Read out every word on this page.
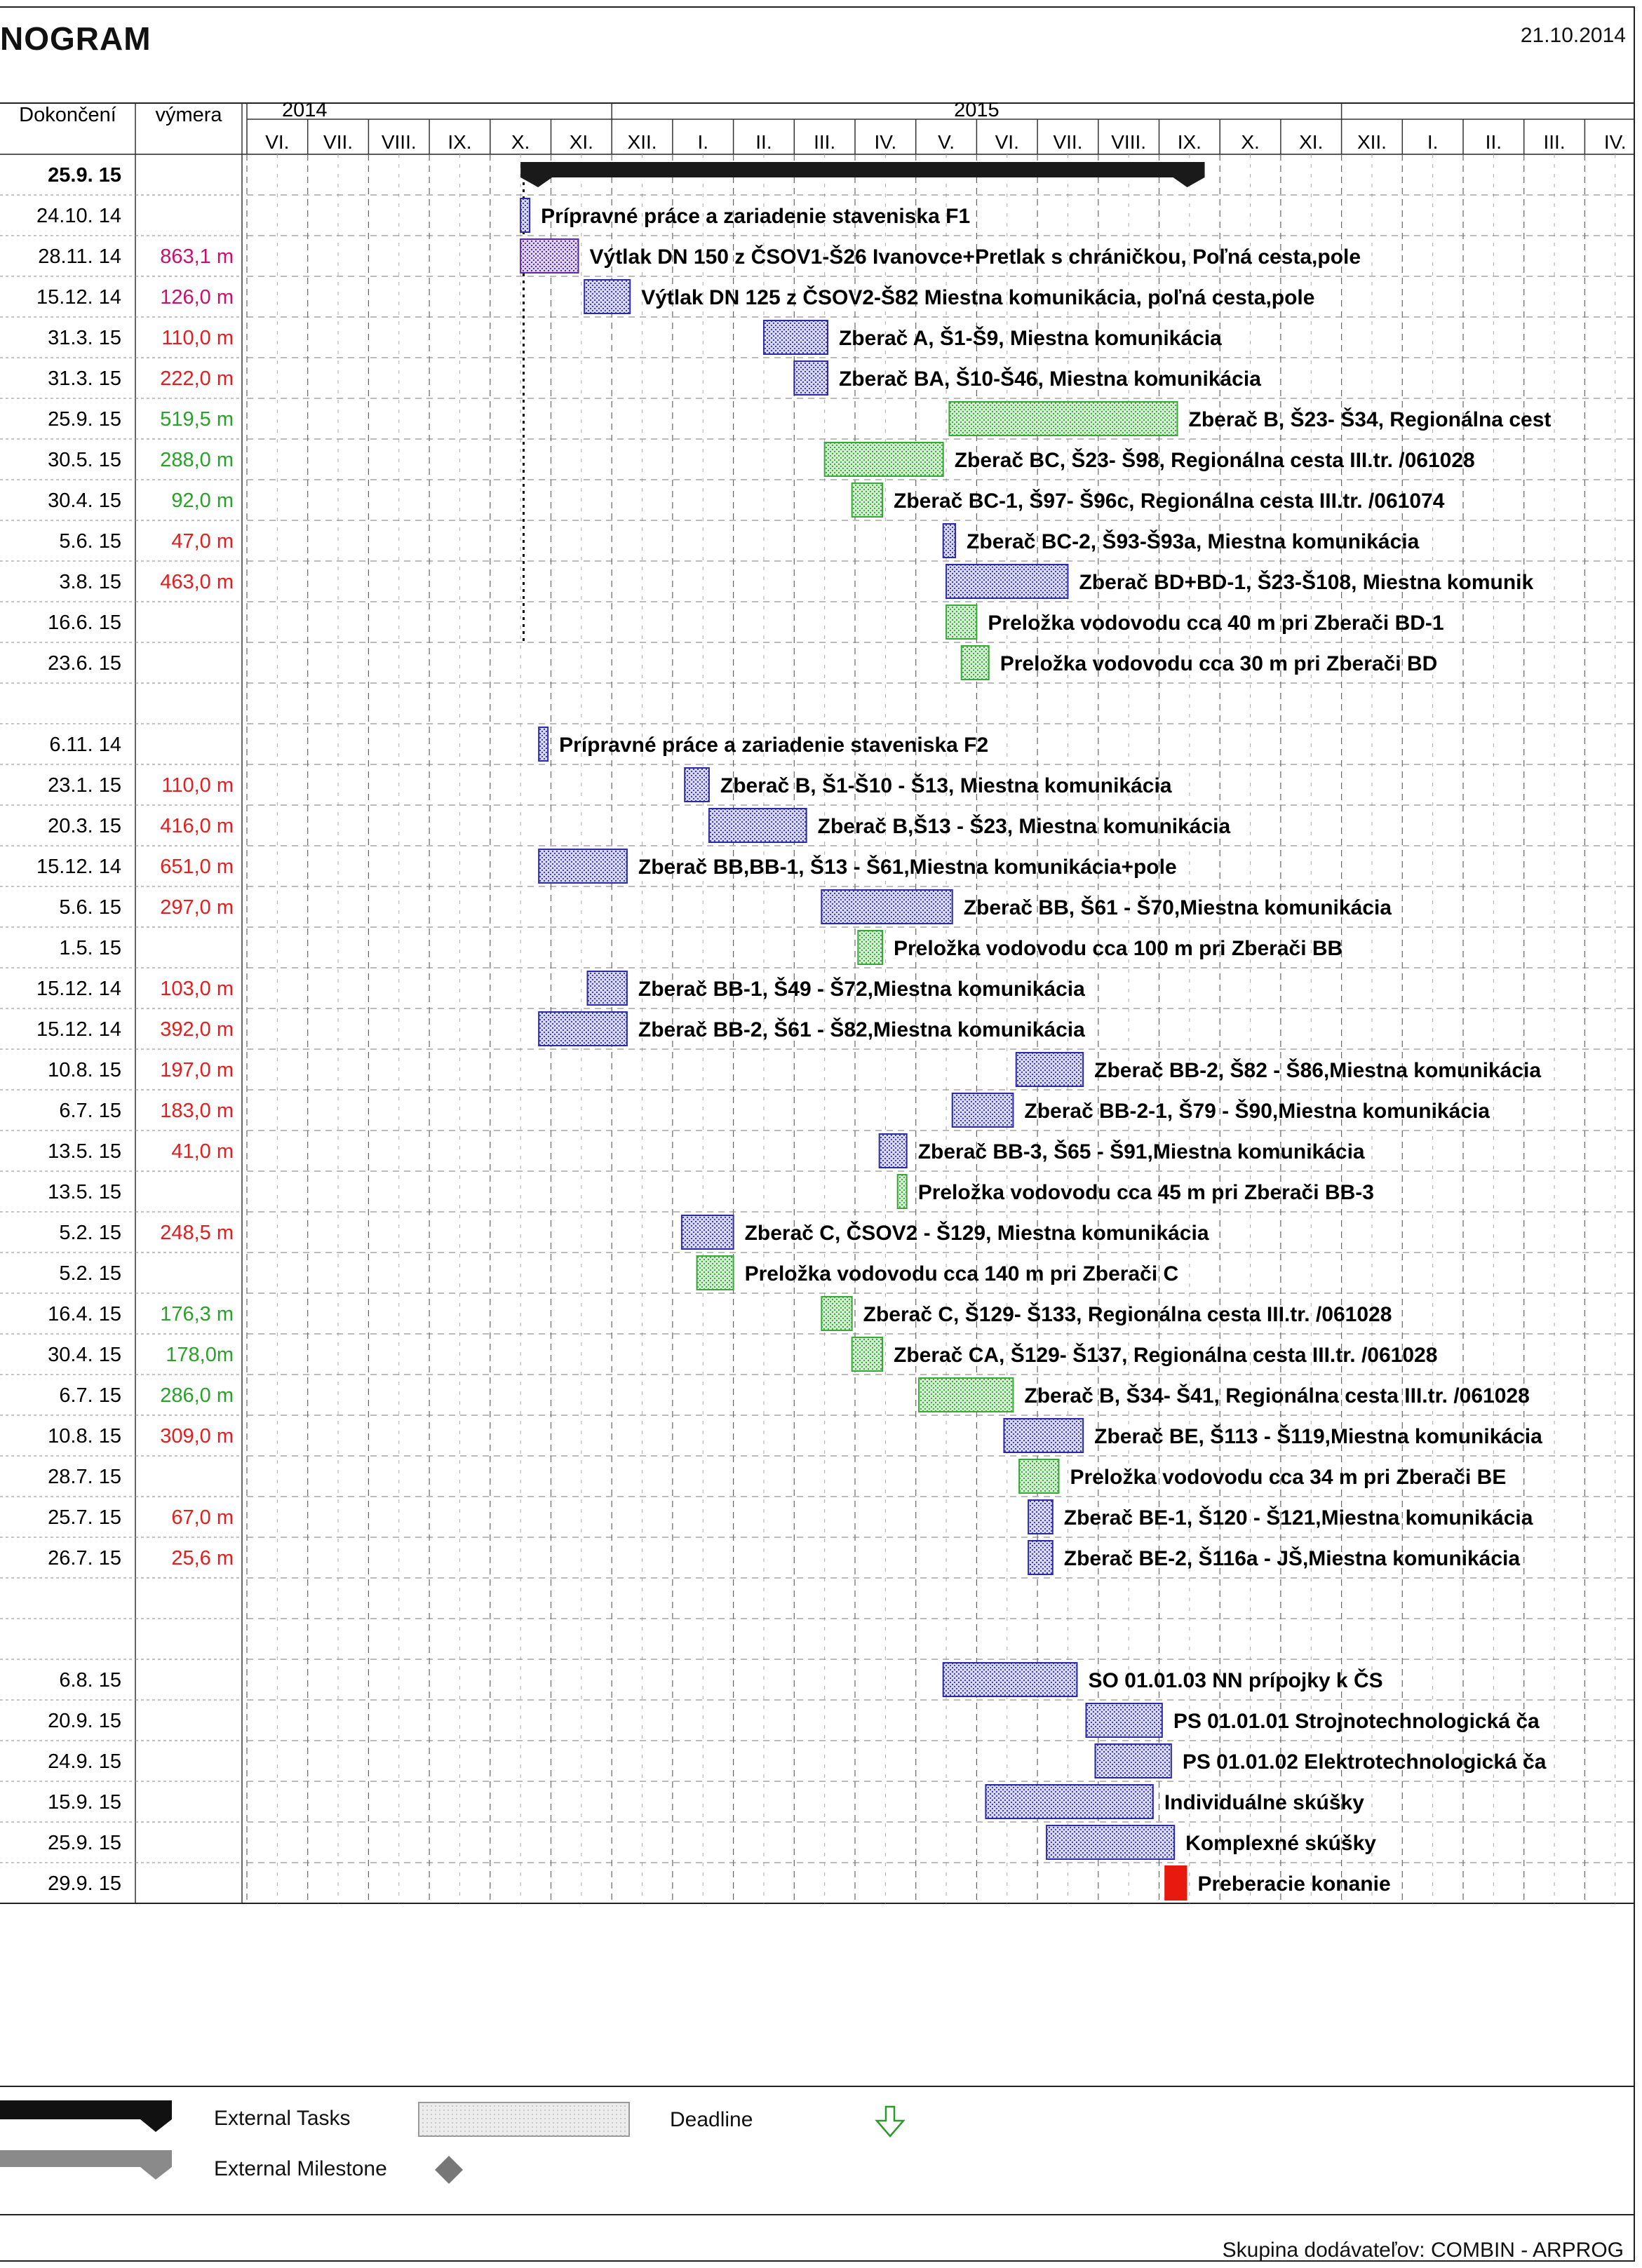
NOGRAM	21.10.2014
Dokončení výmera	2014	2015
VI. VII. VIII. IX. X. XI. XII. I. II. III. IV. V. VI. VII. VIII. IX. X. XI. XII. I. II. III. IV.
25.9. 15
24.10. 14	Prípravné práce a zariadenie staveniska F1
28.11. 14 863,1 m	Výtlak DN 150 z ČSOV1-Š26 Ivanovce+Pretlak s chráničkou, Poľná cesta,pole
15.12. 14 126,0 m	Výtlak DN 125 z ČSOV2-Š82 Miestna komunikácia, poľná cesta,pole
31.3. 15 110,0 m	Zberač A, Š1-Š9, Miestna komunikácia
31.3. 15 222,0 m	Zberač BA, Š10-Š46, Miestna komunikácia
25.9. 15 519,5 m	Zberač B, Š23- Š34, Regionálna cest
30.5. 15 288,0 m	Zberač BC, Š23- Š98, Regionálna cesta III.tr. /061028
30.4. 15 92,0 m	Zberač BC-1, Š97- Š96c, Regionálna cesta III.tr. /061074
5.6. 15 47,0 m	Zberač BC-2, Š93-Š93a, Miestna komunikácia
3.8. 15 463,0 m	Zberač BD+BD-1, Š23-Š108, Miestna komunik
16.6. 15	Preložka vodovodu cca 40 m pri Zberači BD-1
23.6. 15	Preložka vodovodu cca 30 m pri Zberači BD
6.11. 14	Prípravné práce a zariadenie staveniska F2
23.1. 15 110,0 m	Zberač B, Š1-Š10 - Š13, Miestna komunikácia
20.3. 15 416,0 m	Zberač B,Š13 - Š23, Miestna komunikácia
15.12. 14 651,0 m	Zberač BB,BB-1, Š13 - Š61,Miestna komunikácia+pole
5.6. 15 297,0 m	Zberač BB, Š61 - Š70,Miestna komunikácia
1.5. 15	Preložka vodovodu cca 100 m pri Zberači BB
15.12. 14 103,0 m	Zberač BB-1, Š49 - Š72,Miestna komunikácia
15.12. 14 392,0 m	Zberač BB-2, Š61 - Š82,Miestna komunikácia
10.8. 15 197,0 m	Zberač BB-2, Š82 - Š86,Miestna komunikácia
6.7. 15 183,0 m	Zberač BB-2-1, Š79 - Š90,Miestna komunikácia
13.5. 15 41,0 m	Zberač BB-3, Š65 - Š91,Miestna komunikácia
13.5. 15	Preložka vodovodu cca 45 m pri Zberači BB-3
5.2. 15 248,5 m	Zberač C, ČSOV2 - Š129, Miestna komunikácia
5.2. 15	Preložka vodovodu cca 140 m pri Zberači C
16.4. 15 176,3 m	Zberač C, Š129- Š133, Regionálna cesta III.tr. /061028
30.4. 15 178,0m	Zberač CA, Š129- Š137, Regionálna cesta III.tr. /061028
6.7. 15 286,0 m	Zberač B, Š34- Š41, Regionálna cesta III.tr. /061028
10.8. 15 309,0 m	Zberač BE, Š113 - Š119,Miestna komunikácia
28.7. 15	Preložka vodovodu cca 34 m pri Zberači BE
25.7. 15 67,0 m	Zberač BE-1, Š120 - Š121,Miestna komunikácia
26.7. 15 25,6 m	Zberač BE-2, Š116a - JŠ,Miestna komunikácia
6.8. 15	SO 01.01.03 NN prípojky k ČS
20.9. 15	PS 01.01.01 Strojnotechnologická ča
24.9. 15	PS 01.01.02 Elektrotechnologická ča
15.9. 15	Individuálne skúšky
25.9. 15	Komplexné skúšky
29.9. 15	Preberacie konanie
External Tasks
External Milestone
Deadline
Skupina dodávateľov: COMBIN - ARPROG
